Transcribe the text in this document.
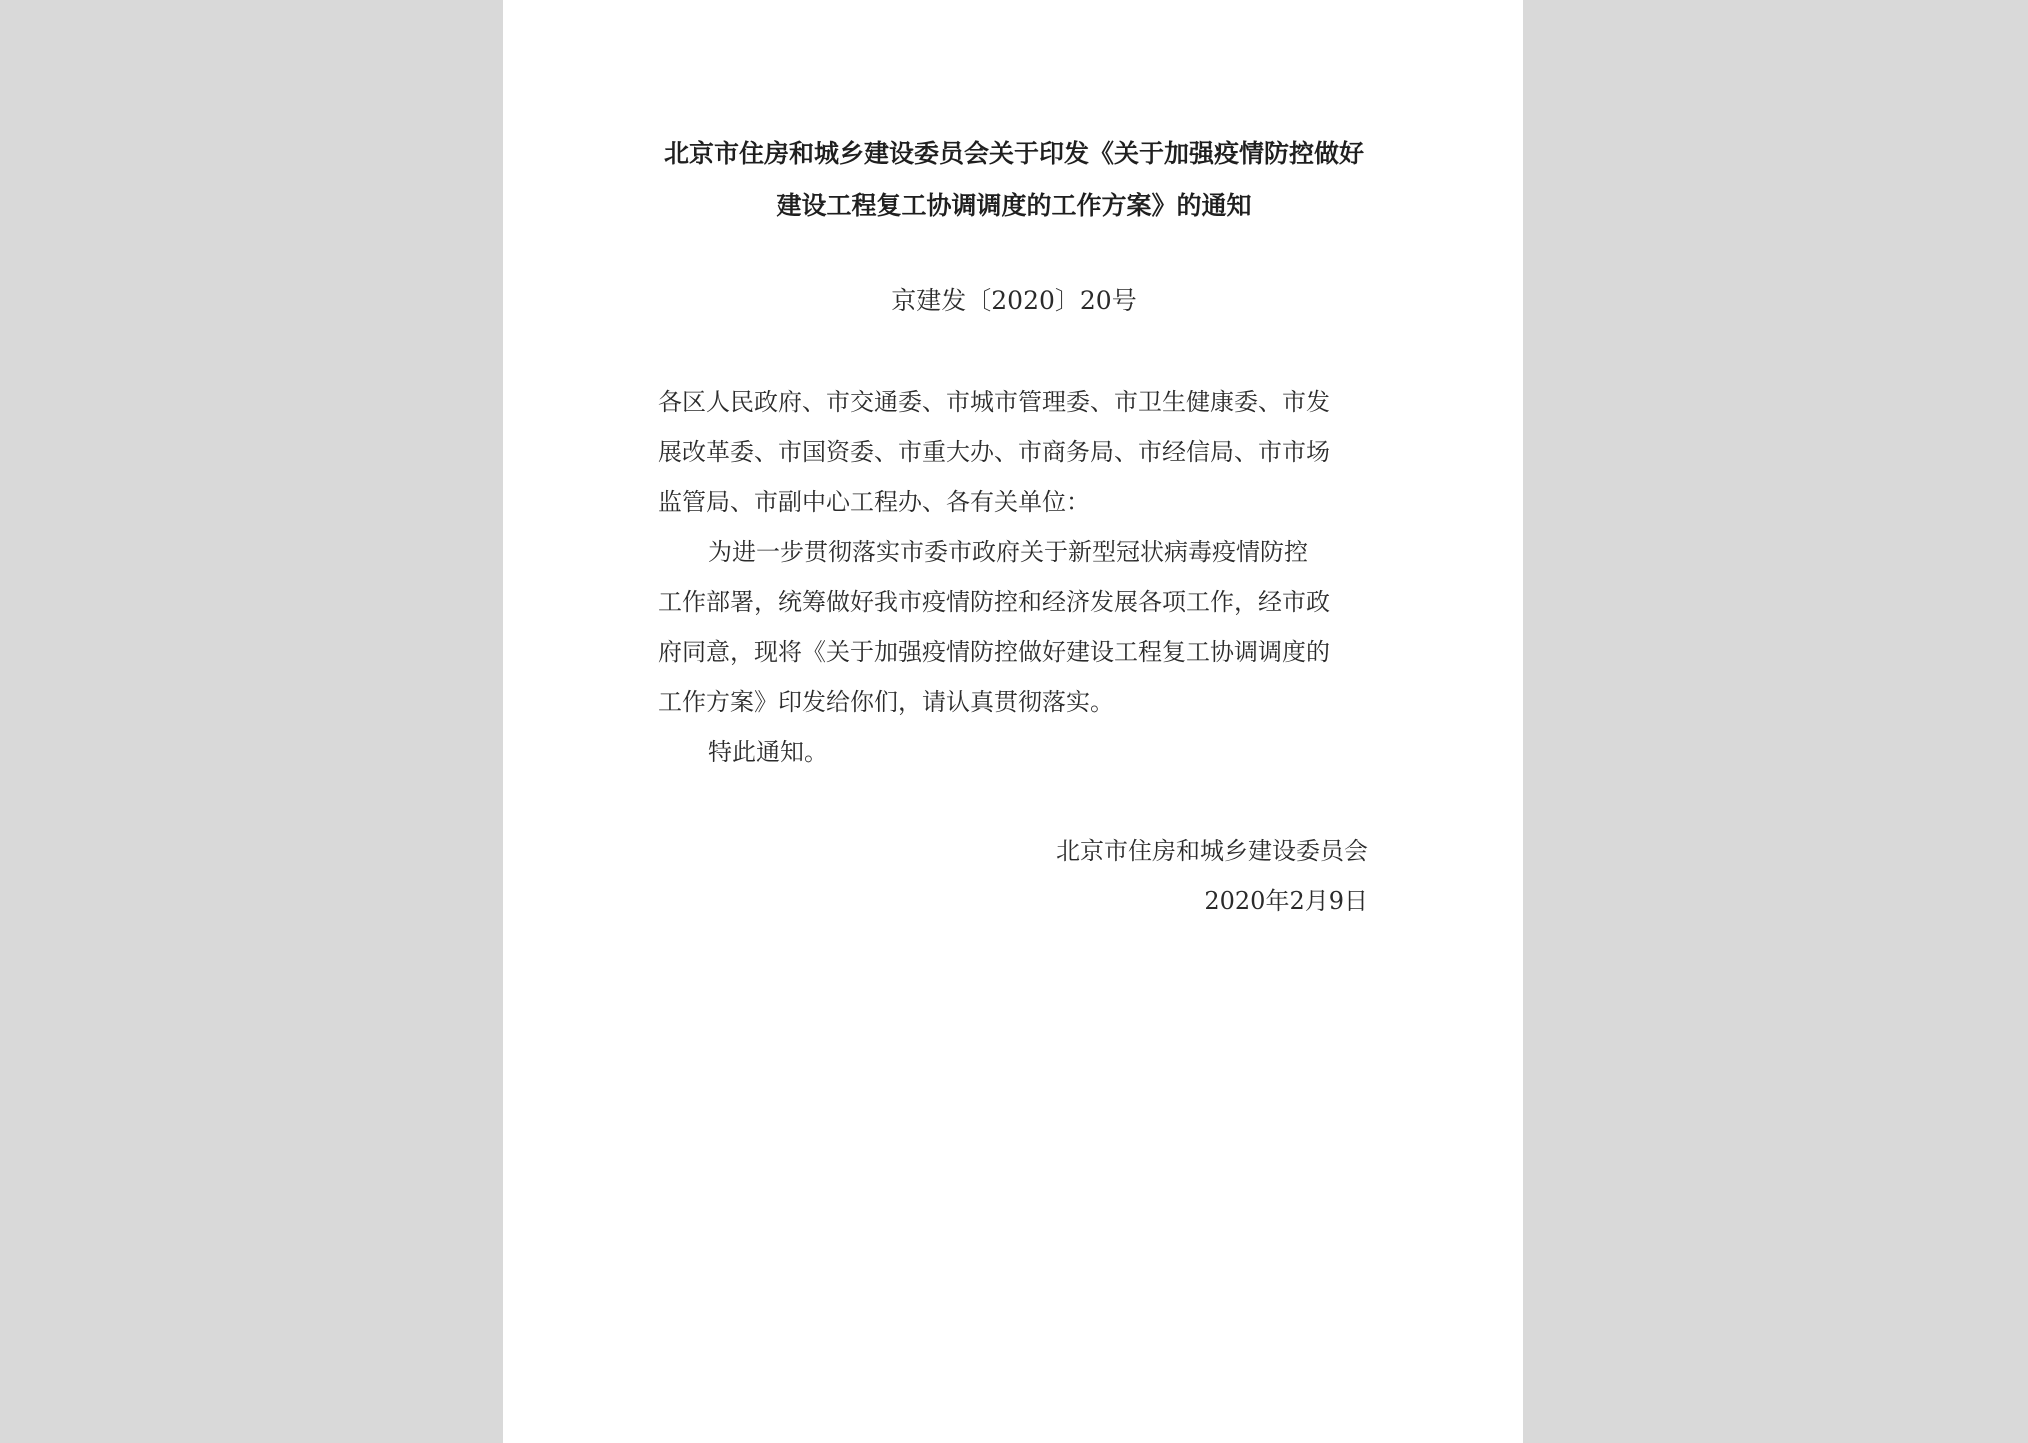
北京市住房和城乡建设委员会关于印发《关于加强疫情防控做好
建设工程复工协调调度的工作方案》的通知
京建发〔2020〕20号
各区人民政府、市交通委、市城市管理委、市卫生健康委、市发
展改革委、市国资委、市重大办、市商务局、市经信局、市市场
监管局、市副中心工程办、各有关单位：
为进一步贯彻落实市委市政府关于新型冠状病毒疫情防控
工作部署，统筹做好我市疫情防控和经济发展各项工作，经市政
府同意，现将《关于加强疫情防控做好建设工程复工协调调度的
工作方案》印发给你们，请认真贯彻落实。
特此通知。
北京市住房和城乡建设委员会
2020年2月9日
